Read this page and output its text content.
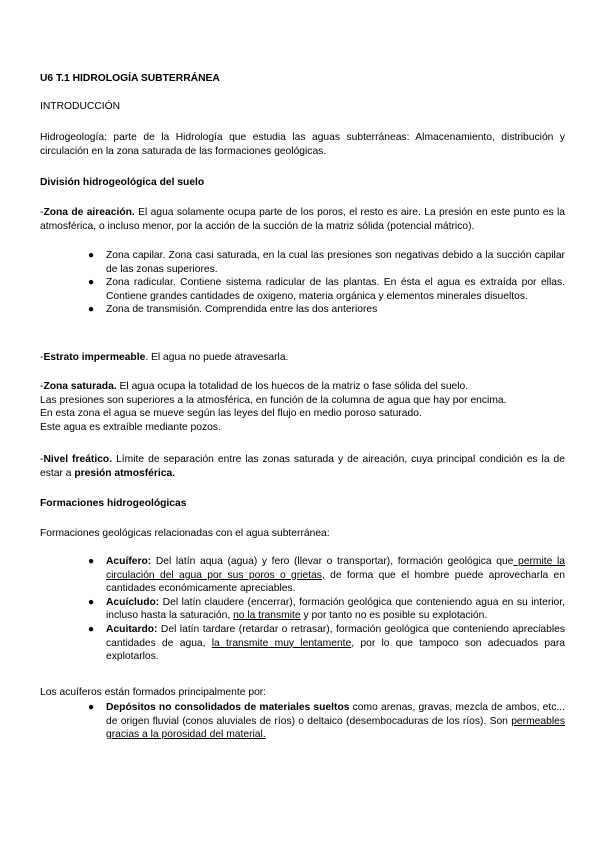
U6 T.1 HIDROLOGÍA SUBTERRÁNEA

INTRODUCCIÓN

Hidrogeología: parte de la Hidrología que estudia las aguas subterráneas: Almacenamiento, distribución y circulación en la zona saturada de las formaciones geológicas.

División hidrogeológica del suelo

-Zona de aireación. El agua solamente ocupa parte de los poros, el resto es aire. La presión en este punto es la atmosférica, o incluso menor, por la acción de la succión de la matriz sólida (potencial mátrico).

● Zona capilar. Zona casi saturada, en la cual las presiones son negativas debido a la succión capilar de las zonas superiores.
● Zona radicular. Contiene sistema radicular de las plantas. En ésta el agua es extraída por ellas. Contiene grandes cantidades de oxigeno, materia orgánica y elementos minerales disueltos.
● Zona de transmisión. Comprendida entre las dos anteriores

-Estrato impermeable. El agua no puede atravesarla.

-Zona saturada. El agua ocupa la totalidad de los huecos de la matriz o fase sólida del suelo.
Las presiones son superiores a la atmosférica, en función de la columna de agua que hay por encima.
En esta zona el agua se mueve según las leyes del flujo en medio poroso saturado.
Este agua es extraíble mediante pozos.

-Nivel freático. Límite de separación entre las zonas saturada y de aireación, cuya principal condición es la de estar a presión atmosférica.

Formaciones hidrogeológicas

Formaciones geológicas relacionadas con el agua subterránea:

● Acuífero: Del latín aqua (agua) y fero (llevar o transportar), formación geológica que permite la circulación del agua por sus poros o grietas, de forma que el hombre puede aprovecharla en cantidades económicamente apreciables.
● Acuícludo: Del latín claudere (encerrar), formación geológica que conteniendo agua en su interior, incluso hasta la saturación, no la transmite y por tanto no es posible su explotación.
● Acuitardo: Del latín tardare (retardar o retrasar), formación geológica que conteniendo apreciables cantidades de agua, la transmite muy lentamente, por lo que tampoco son adecuados para explotarlos.

Los acuíferos están formados principalmente por:

● Depósitos no consolidados de materiales sueltos como arenas, gravas, mezcla de ambos, etc... de origen fluvial (conos aluviales de ríos) o deltaico (desembocaduras de los ríos). Son permeables gracias a la porosidad del material.
